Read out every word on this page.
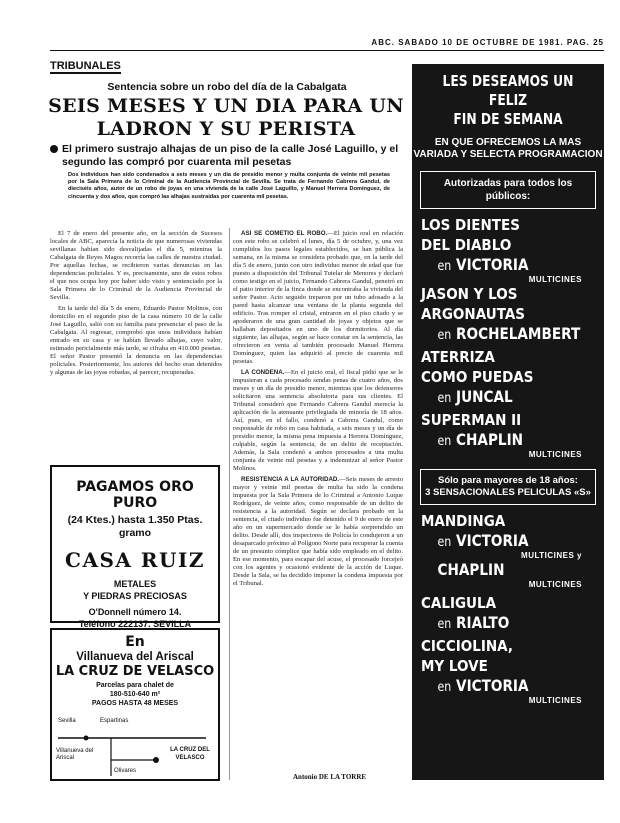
ABC. SABADO 10 DE OCTUBRE DE 1981. PAG. 25
TRIBUNALES
Sentencia sobre un robo del día de la Cabalgata
SEIS MESES Y UN DIA PARA UN
LADRON Y SU PERISTA
El primero sustrajo alhajas de un piso de la calle José Laguillo, y el segundo las compró por cuarenta mil pesetas
Dos individuos han sido condenados a seis meses y un día de presidio menor y multa conjunta de veinte mil pesetas por la Sala Primera de lo Criminal de la Audiencia Provincial de Sevilla. Se trata de Fernando Cabrera Gandul, de dieciséis años, autor de un robo de joyas en una vivienda de la calle José Laguillo, y Manuel Herrera Domínguez, de cincuenta y dos años, que compró las alhajas sustraídas por cuarenta mil pesetas.

El 7 de enero del presente año, en la sección de Sucesos locales de ABC, aparecía la noticia de que numerosas viviendas sevillanas habían sido desvalijadas el día 5, mientras la Cabalgata de Reyes Magos recorría las calles de nuestra ciudad. Por aquellas fechas, se recibieron varias denuncias en las dependencias policiales. Y es, precisamente, uno de estos robos el que nos ocupa hoy por haber sido visto y sentenciado por la Sala Primera de lo Criminal de la Audiencia Provincial de Sevilla.

En la tarde del día 5 de enero, Eduardo Pastor Molinos, con domicilio en el segundo piso de la casa número 10 de la calle José Laguillo, salió con su familia para presenciar el paso de la Cabalgata. Al regresar, comprobó que unos individuos habían entrado en su casa y se habían llevado alhajas, cuyo valor, estimado pericialmente más tarde, se cifraba en 410.000 pesetas. El señor Pastor presentó la denuncia en las dependencias policiales. Posteriormente, los autores del hecho eran detenidos y algunas de las joyas robadas, al parecer, recuperadas.

ASI SE COMETIO EL ROBO.—El juicio oral en relación con este robo se celebró el lunes, día 5 de octubre, y, una vez cumplidos los pasos legales establecidos, se han pública la semana, en la misma se considera probado que, en la tarde del día 5 de enero, junto con otro individuo menor de edad que fue puesto a disposición del Tribunal Tutelar de Menores y declaró como testigo en el juicio, Fernando Cabrera Gandul, penetró en el patio interior de la finca donde se encontraba la vivienda del señor Pastor. Acto seguido treparon por un tubo adosado a la pared hasta alcanzar una ventana de la planta segunda del edificio. Tras romper el cristal, entraron en el piso citado y se apoderaron de una gran cantidad de joyas y objetos que se hallaban depositados en uno de los dormitorios. Al día siguiente, las alhajas, según se hace constar en la sentencia, las ofrecieron en venta al también procesado Manuel Herrera Domínguez, quien las adquirió al precio de cuarenta mil pesetas.

LA CONDENA.—En el juicio oral, el fiscal pidió que se le impusieran a cada procesado sendas penas de cuatro años, dos meses y un día de presidio menor, mientras que los defensores solicitaron una sentencia absolutoria para sus clientes. El Tribunal consideró que Fernando Cabrera Gandul merecía la aplicación de la atenuante privilegiada de minoría de 18 años. Así, pues, en el fallo, condenó a Cabrera Gandul, como responsable de robo en casa habitada, a seis meses y un día de presidio menor, la misma pena impuesta a Herrera Domínguez, culpable, según la sentencia, de un delito de receptación. Además, la Sala condenó a ambos procesados a una multa conjunta de veinte mil pesetas y a indemnizar al señor Pastor Molinos.

RESISTENCIA A LA AUTORIDAD.—Seis meses de arresto mayor y veinte mil pesetas de multa ha sido la condena impuesta por la Sala Primera de lo Criminal a Antonio Luque Rodríguez, de veinte años, como responsable de un delito de resistencia a la autoridad. Según se declara probado en la sentencia, el citado individuo fue detenido el 9 de enero de este año en un supermercado donde se le había sorprendido un delito. Desde allí, dos inspectores de Policía lo condujeron a un desaparcado próximo al Polígono Norte para recuperar la cuenta de un presunto cómplice que había sido empleado en el delito. En ese momento, para escapar del acuse, el procesado forcejeó con los agentes y ocasionó evidente de la acción de Luque. Desde la Sala, se ha decidido imponer la condena impuesta por el Tribunal.

Antonio DE LA TORRE
PAGAMOS ORO PURO
(24 Ktes.) hasta 1.350 Ptas.
gramo
CASA RUIZ
METALES
Y PIEDRAS PRECIOSAS
O'Donnell número 14.
Teléfono 222137. SEVILLA
En
Villanueva del Ariscal
LA CRUZ DE VELASCO
Parcelas para chalet de
180-510-640 m²
PAGOS HASTA 48 MESES
Sevilla	Espartinas
Villanueva del Ariscal
LA CRUZ DEL VELASCO
Olivares
LES DESEAMOS UN FELIZ
FIN DE SEMANA
EN QUE OFRECEMOS LA MAS VARIADA Y SELECTA PROGRAMACION
Autorizadas para todos los públicos:
LOS DIENTES
DEL DIABLO
en VICTORIA
MULTICINES
JASON Y LOS
ARGONAUTAS
en ROCHELAMBERT
ATERRIZA
COMO PUEDAS
en JUNCAL
SUPERMAN II
en CHAPLIN
MULTICINES
Sólo para mayores de 18 años:
3 SENSACIONALES PELICULAS «S»
MANDINGA
en VICTORIA
MULTICINES y
CHAPLIN
MULTICINES
CALIGULA
en RIALTO
CICCIOLINA,
MY LOVE
en VICTORIA
MULTICINES
